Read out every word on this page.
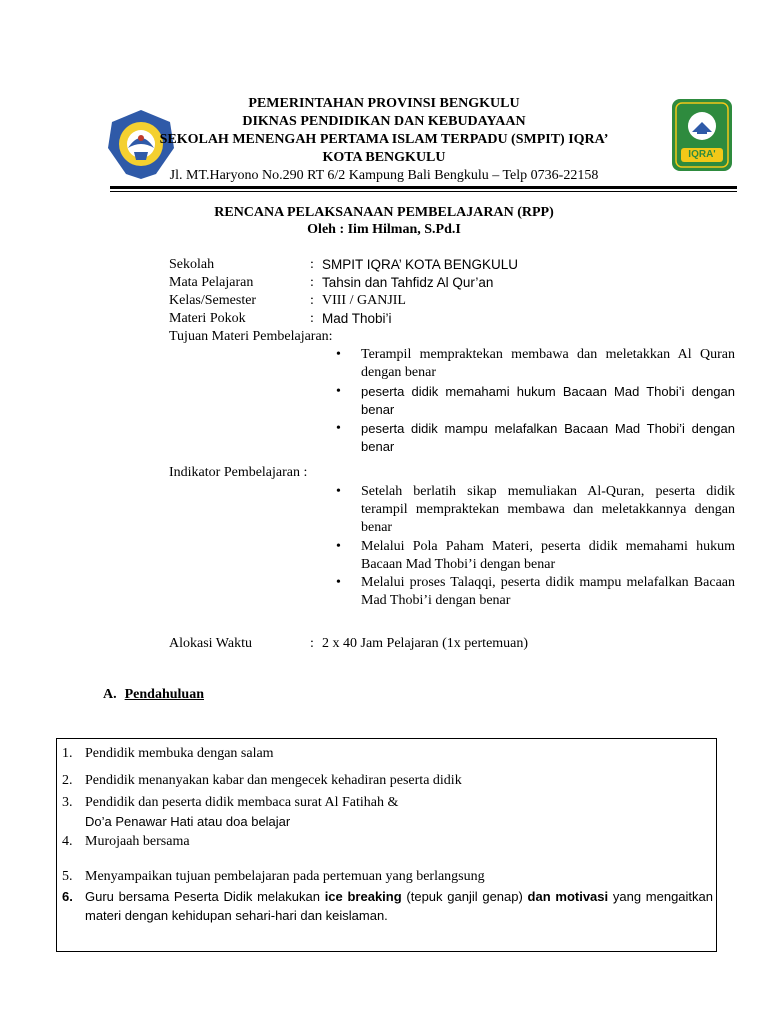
IQRA'
PEMERINTAHAN PROVINSI BENGKULU
DIKNAS PENDIDIKAN DAN KEBUDAYAAN
SEKOLAH MENENGAH PERTAMA ISLAM TERPADU (SMPIT) IQRA’
KOTA BENGKULU
Jl. MT.Haryono No.290 RT 6/2 Kampung Bali Bengkulu – Telp 0736-22158
RENCANA PELAKSANAAN PEMBELAJARAN (RPP)
Oleh : Iim Hilman, S.Pd.I
Sekolah	: SMPIT IQRA’ KOTA BENGKULU
Mata Pelajaran	: Tahsin dan Tahfidz Al Qur’an
Kelas/Semester	: VIII / GANJIL
Materi Pokok	: Mad Thobi’i
Tujuan Materi Pembelajaran:
• Terampil mempraktekan membawa dan meletakkan Al Quran dengan benar
• peserta didik memahami hukum Bacaan Mad Thobi’i dengan benar
• peserta didik mampu melafalkan Bacaan Mad Thobi’i dengan benar
Indikator Pembelajaran :
• Setelah berlatih sikap memuliakan Al-Quran, peserta didik terampil mempraktekan membawa dan meletakkannya dengan benar
• Melalui Pola Paham Materi, peserta didik memahami hukum Bacaan Mad Thobi’i dengan benar
• Melalui proses Talaqqi, peserta didik mampu melafalkan Bacaan Mad Thobi’i dengan benar
Alokasi Waktu	: 2 x 40 Jam Pelajaran (1x pertemuan)
A. Pendahuluan
1. Pendidik membuka dengan salam
2. Pendidik menanyakan kabar dan mengecek kehadiran peserta didik
3. Pendidik dan peserta didik membaca surat Al Fatihah &
Do’a Penawar Hati atau doa belajar
4. Murojaah bersama
5. Menyampaikan tujuan pembelajaran pada pertemuan yang berlangsung
6. Guru bersama Peserta Didik melakukan ice breaking (tepuk ganjil genap) dan motivasi yang mengaitkan materi dengan kehidupan sehari-hari dan keislaman.
